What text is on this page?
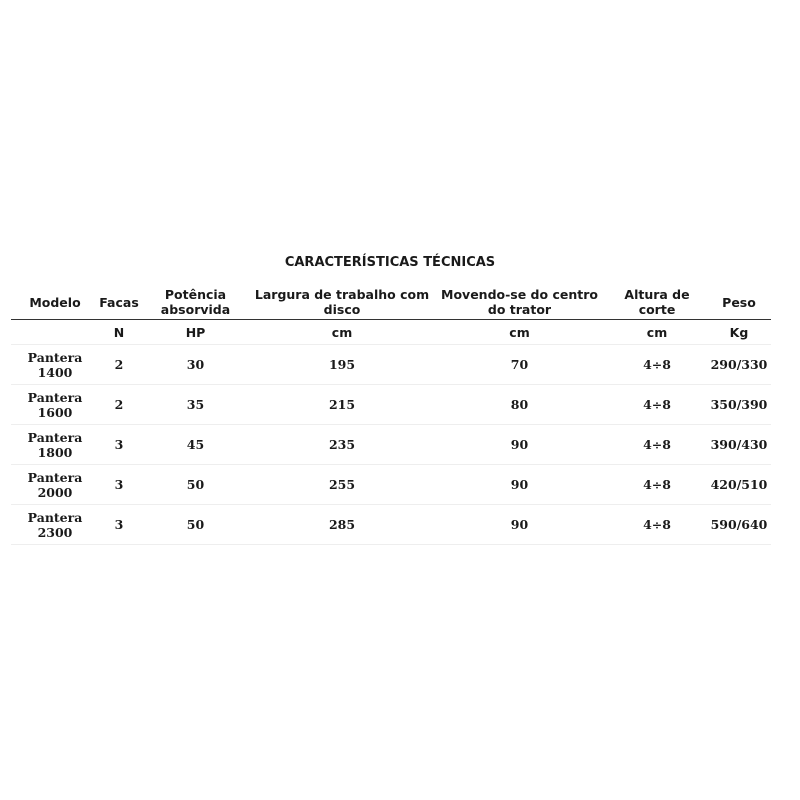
CARACTERÍSTICAS TÉCNICAS
Modelo	Facas	Potência absorvida	Largura de trabalho com disco	Movendo-se do centro do trator	Altura de corte	Peso
	N	HP	cm	cm	cm	Kg

Pantera
1400	2	30	195	70	4÷8	290/330

Pantera
1600	2	35	215	80	4÷8	350/390

Pantera
1800	3	45	235	90	4÷8	390/430

Pantera
2000	3	50	255	90	4÷8	420/510

Pantera
2300	3	50	285	90	4÷8	590/640
